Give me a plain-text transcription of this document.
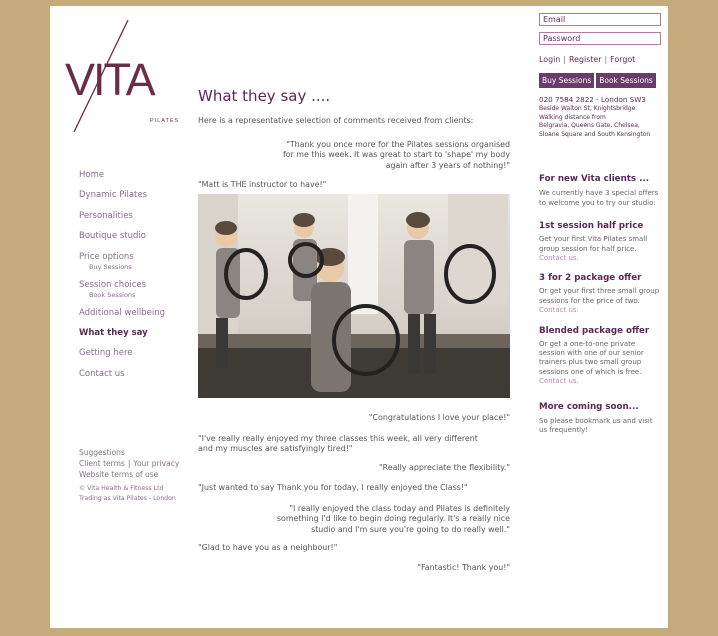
VITA
PILATES
Home
Dynamic Pilates
Personalities
Boutique studio
Price options
Buy Sessions
Session choices
Book Sessions
Additional wellbeing
What they say
Getting here
Contact us
Suggestions
Client terms | Your privacy
Website terms of use
© Vita Health & Fitness Ltd
Trading as Vita Pilates - London
What they say ....
Here is a representative selection of comments received from clients:
"Thank you once more for the Pilates sessions organised
for me this week. It was great to start to 'shape' my body
again after 3 years of nothing!"
"Matt is THE instructor to have!"
"Congratulations I love your place!"
"I've really really enjoyed my three classes this week, all very different
and my muscles are satisfyingly tired!"
"Really appreciate the flexibility."
"Just wanted to say Thank you for today, I really enjoyed the Class!"
"I really enjoyed the class today and Pilates is definitely
something I'd like to begin doing regularly. It's a really nice
studio and I'm sure you're going to do really well."
"Glad to have you as a neighbour!"
"Fantastic! Thank you!"
Email
Login | Register | Forgot
Buy Sessions Book Sessions
020 7584 2822 - London SW3
Beside Walton St, Knightsbridge
Walking distance from
Belgravia, Queens Gate, Chelsea,
Sloane Square and South Kensington
For new Vita clients ...
We currently have 3 special offers to welcome you to try our studio:
1st session half price
Get your first Vita Pilates small group session for half price. Contact us.
3 for 2 package offer
Or get your first three small group sessions for the price of two. Contact us.
Blended package offer
Or get a one-to-one private session with one of our senior trainers plus two small group sessions one of which is free. Contact us.
More coming soon...
So please bookmark us and visit us frequently!
